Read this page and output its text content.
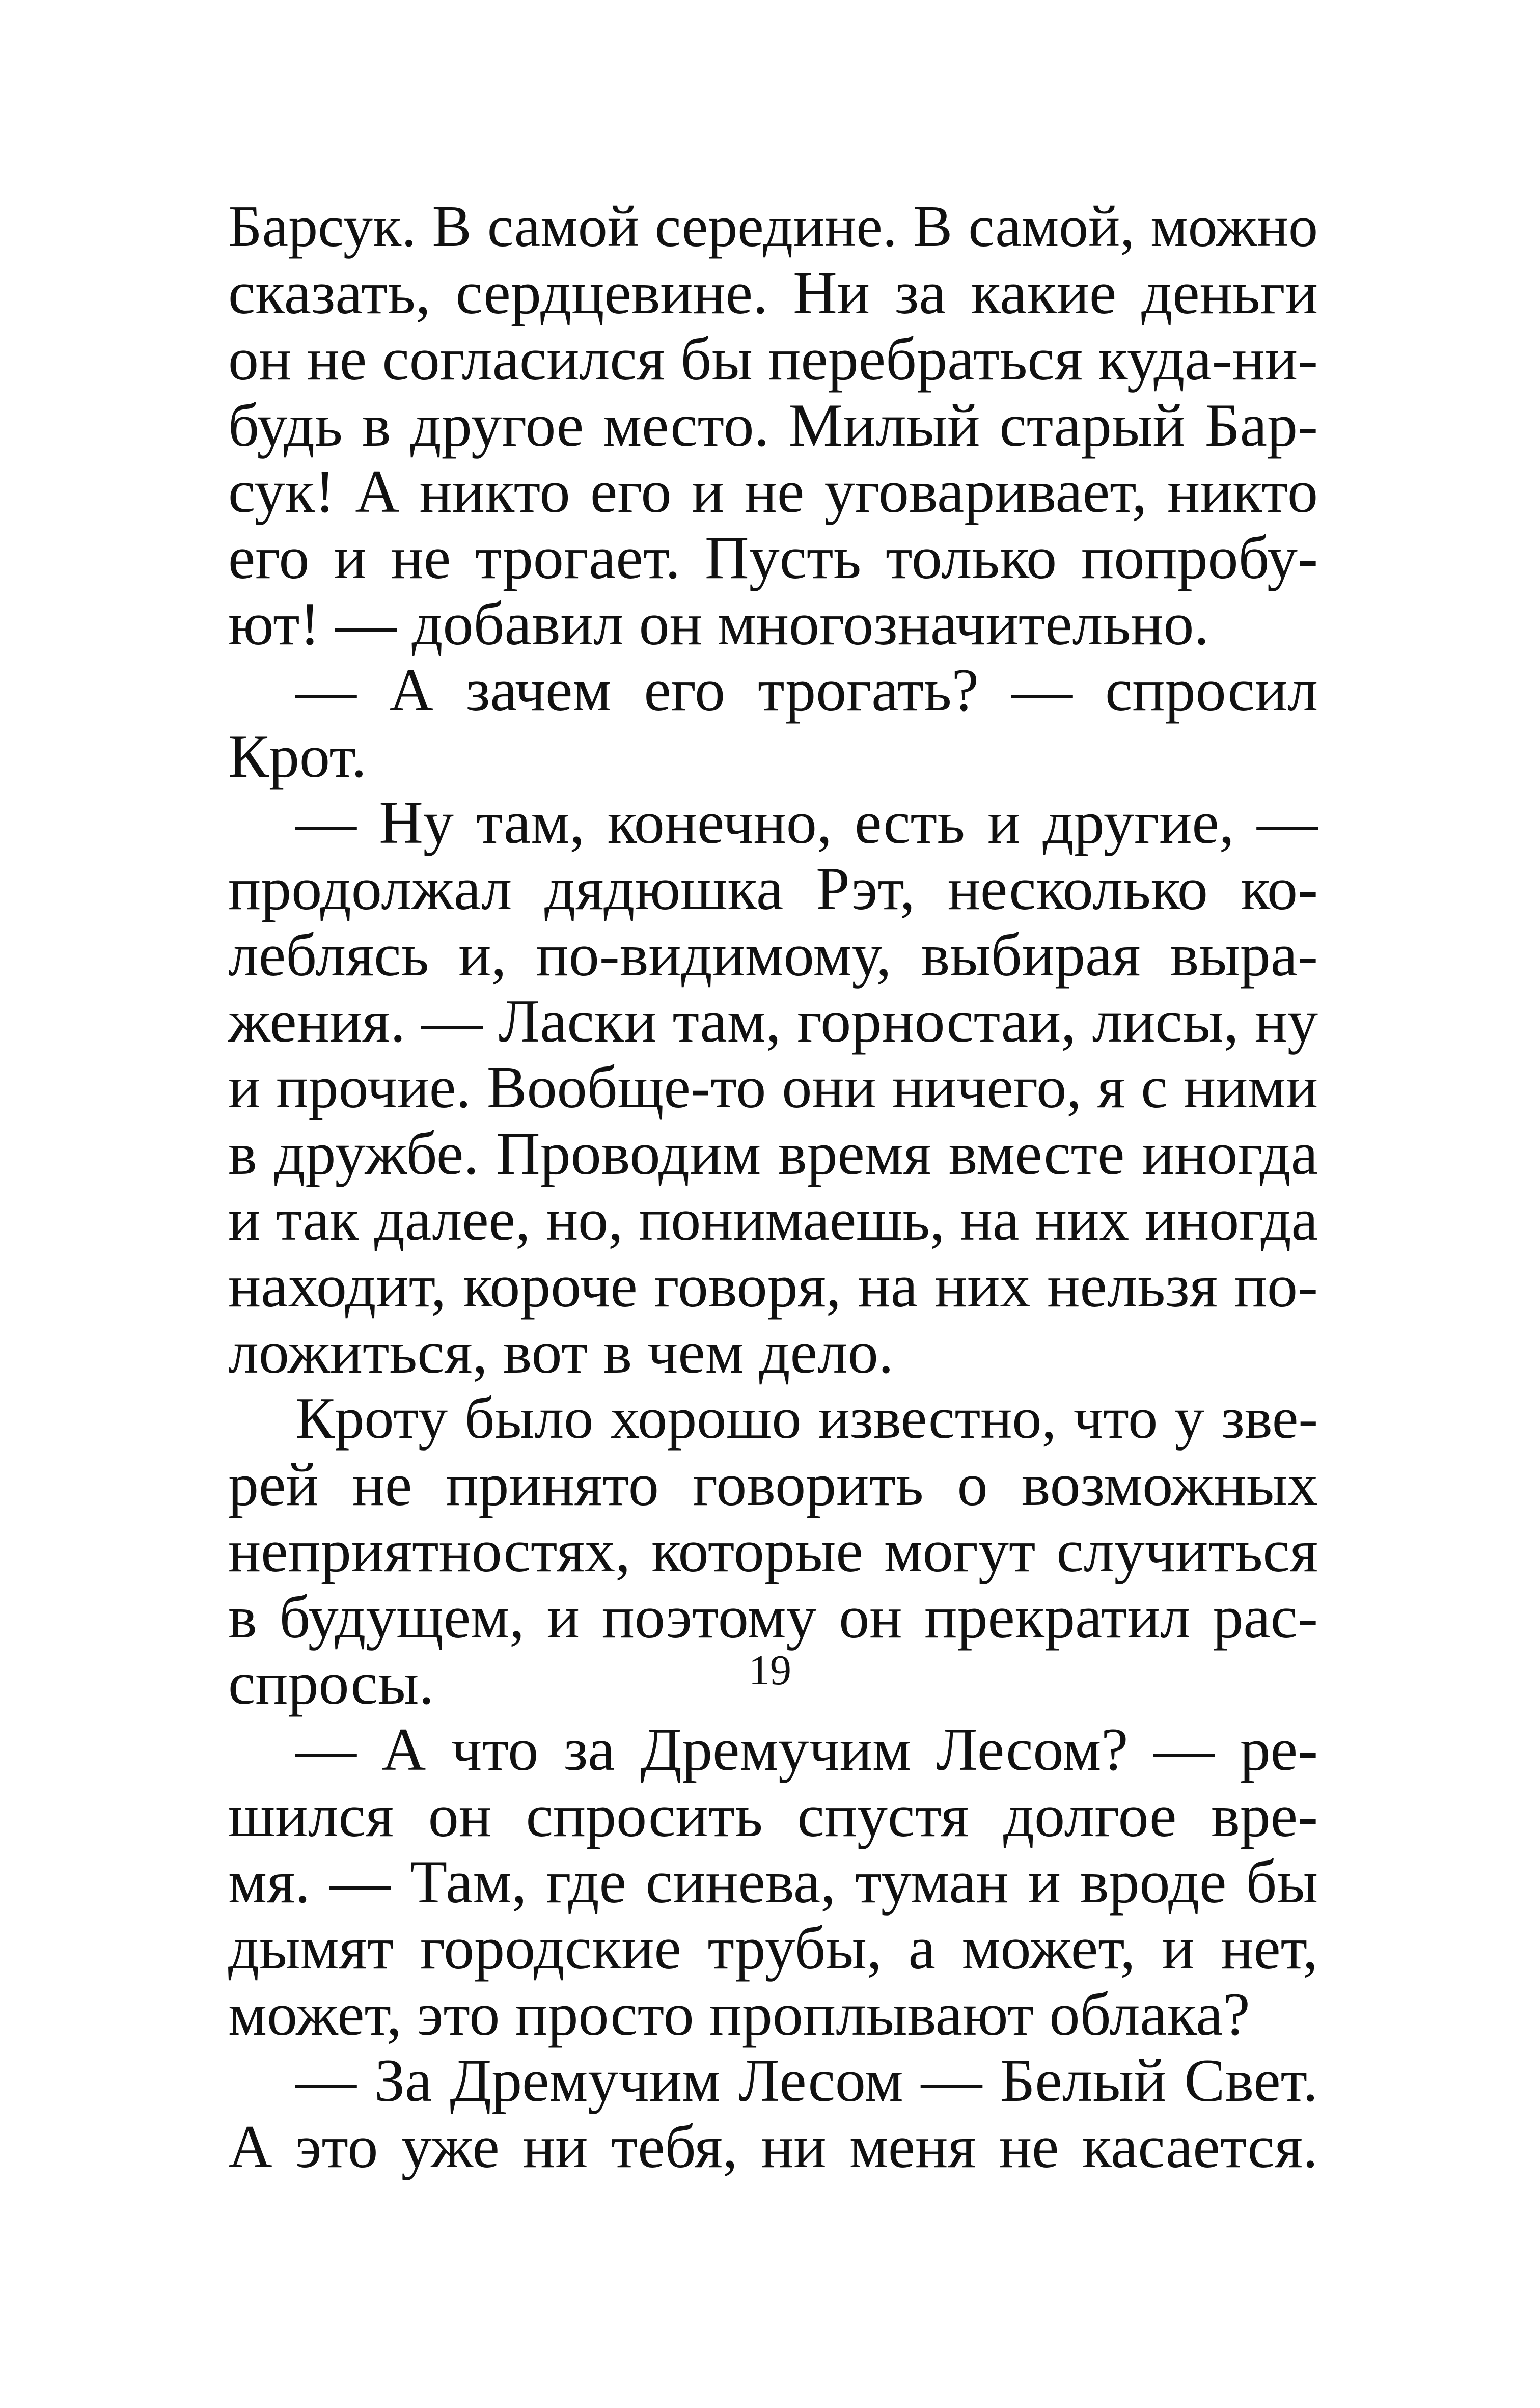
Барсук. В самой середине. В самой, можно
сказать, сердцевине. Ни за какие деньги
он не согласился бы перебраться куда-ни-
будь в другое место. Милый старый Бар-
сук! А никто его и не уговаривает, никто
его и не трогает. Пусть только попробу-
ют! — добавил он многозначительно.
— А зачем его трогать? — спросил
Крот.
— Ну там, конечно, есть и другие, —
продолжал дядюшка Рэт, несколько ко-
леблясь и, по-видимому, выбирая выра-
жения. — Ласки там, горностаи, лисы, ну
и прочие. Вообще-то они ничего, я с ними
в дружбе. Проводим время вместе иногда
и так далее, но, понимаешь, на них иногда
находит, короче говоря, на них нельзя по-
ложиться, вот в чем дело.
Кроту было хорошо известно, что у зве-
рей не принято говорить о возможных
неприятностях, которые могут случиться
в будущем, и поэтому он прекратил рас-
спросы.
— А что за Дремучим Лесом? — ре-
шился он спросить спустя долгое вре-
мя. — Там, где синева, туман и вроде бы
дымят городские трубы, а может, и нет,
может, это просто проплывают облака?
— За Дремучим Лесом — Белый Свет.
А это уже ни тебя, ни меня не касается.
19
